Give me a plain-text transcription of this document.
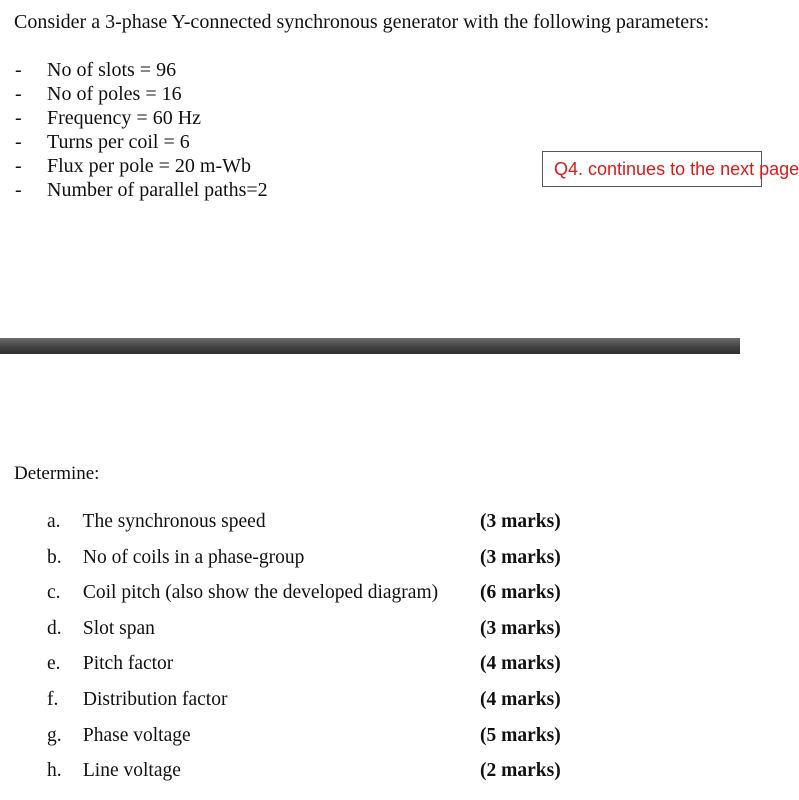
Consider a 3-phase Y-connected synchronous generator with the following parameters:
-	No of slots = 96
-	No of poles = 16
-	Frequency = 60 Hz
-	Turns per coil = 6
-	Flux per pole = 20 m-Wb
-	Number of parallel paths=2
Q4. continues to the next page
Determine:
a. The synchronous speed	(3 marks)
b. No of coils in a phase-group	(3 marks)
c. Coil pitch (also show the developed diagram) (6 marks)
d. Slot span	(3 marks)
e. Pitch factor	(4 marks)
f. Distribution factor	(4 marks)
g. Phase voltage	(5 marks)
h. Line voltage	(2 marks)
